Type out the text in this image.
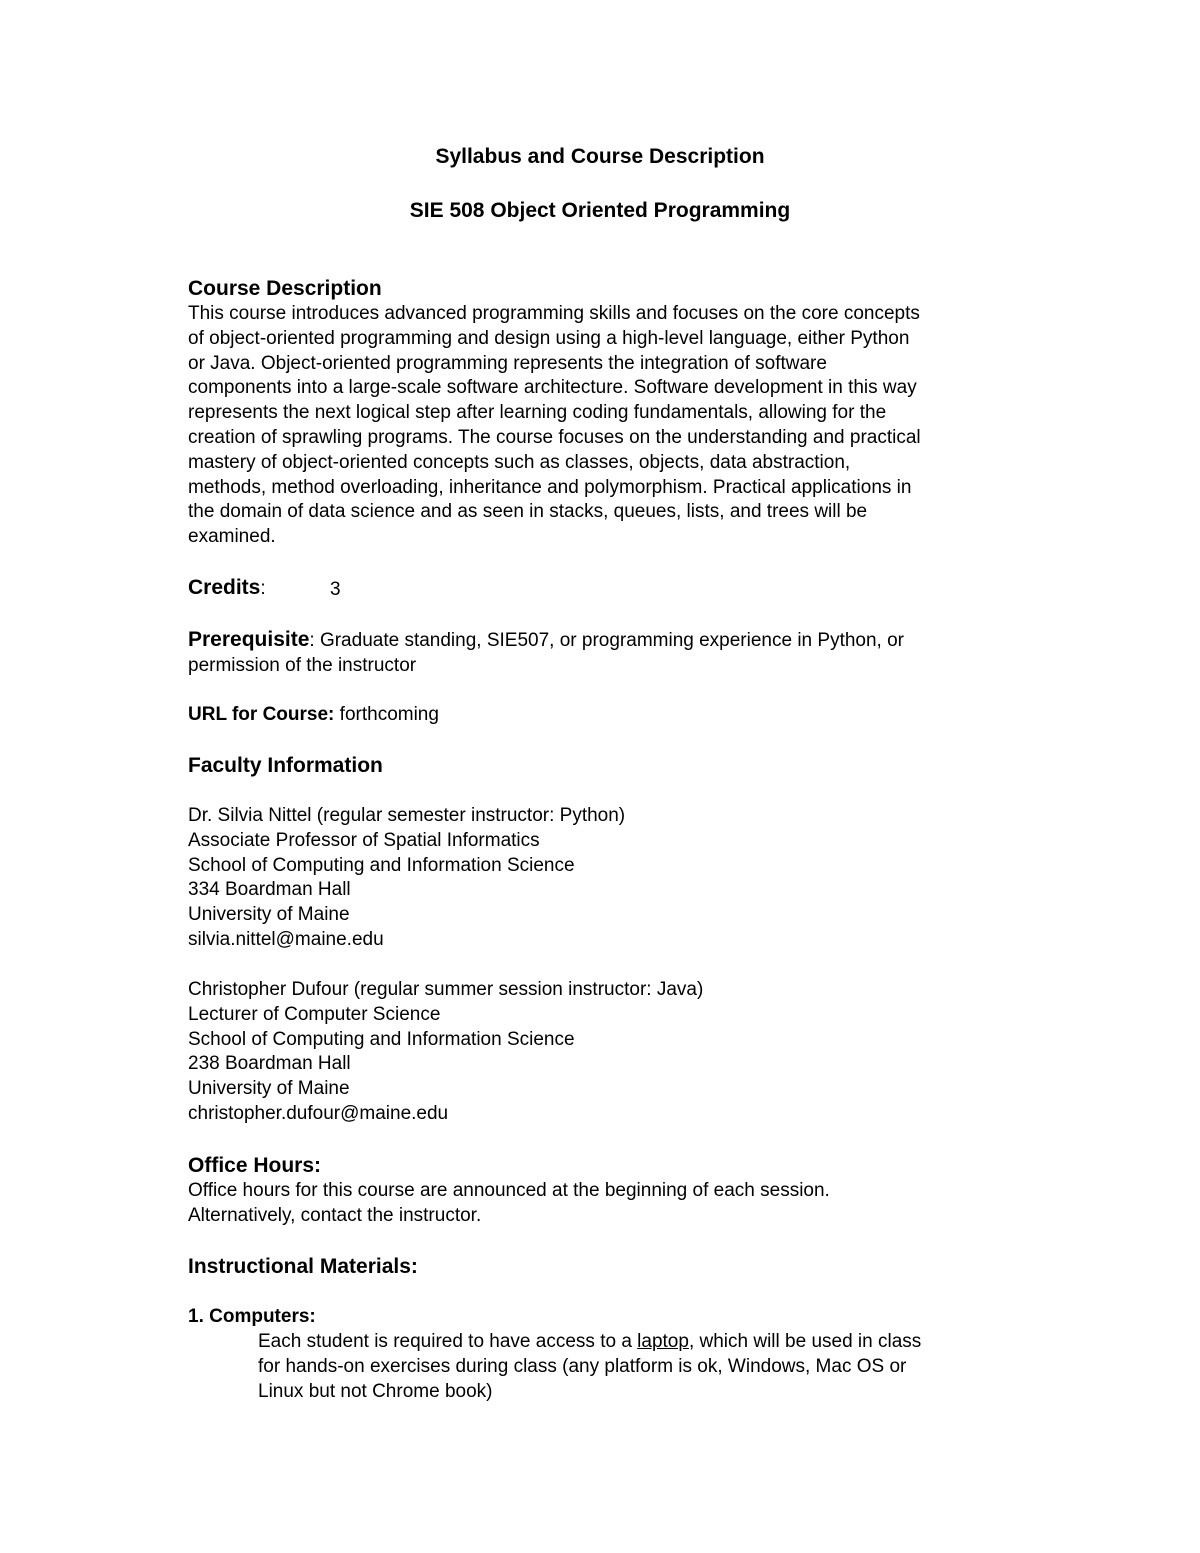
Syllabus and Course Description
SIE 508 Object Oriented Programming
Course Description
This course introduces advanced programming skills and focuses on the core concepts
of object-oriented programming and design using a high-level language, either Python
or Java. Object-oriented programming represents the integration of software
components into a large-scale software architecture. Software development in this way
represents the next logical step after learning coding fundamentals, allowing for the
creation of sprawling programs. The course focuses on the understanding and practical
mastery of object-oriented concepts such as classes, objects, data abstraction,
methods, method overloading, inheritance and polymorphism. Practical applications in
the domain of data science and as seen in stacks, queues, lists, and trees will be
examined.
Credits:	3
Prerequisite: Graduate standing, SIE507, or programming experience in Python, or
permission of the instructor
URL for Course: forthcoming
Faculty Information
Dr. Silvia Nittel (regular semester instructor: Python)
Associate Professor of Spatial Informatics
School of Computing and Information Science
334 Boardman Hall
University of Maine
silvia.nittel@maine.edu
Christopher Dufour (regular summer session instructor: Java)
Lecturer of Computer Science
School of Computing and Information Science
238 Boardman Hall
University of Maine
christopher.dufour@maine.edu
Office Hours:
Office hours for this course are announced at the beginning of each session.
Alternatively, contact the instructor.
Instructional Materials:
1. Computers:
Each student is required to have access to a laptop, which will be used in class
for hands-on exercises during class (any platform is ok, Windows, Mac OS or
Linux but not Chrome book)
